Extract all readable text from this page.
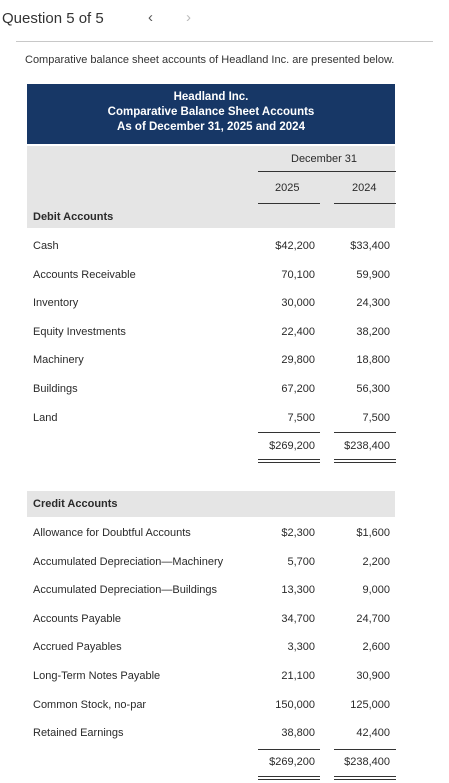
Question 5 of 5	‹ ›
Comparative balance sheet accounts of Headland Inc. are presented below.
Headland Inc.
Comparative Balance Sheet Accounts
As of December 31, 2025 and 2024
December 31
2025	2024
Debit Accounts
Cash	$42,200	$33,400
Accounts Receivable	70,100	59,900
Inventory	30,000	24,300
Equity Investments	22,400	38,200
Machinery	29,800	18,800
Buildings	67,200	56,300
Land	7,500	7,500
$269,200	$238,400
Credit Accounts
Allowance for Doubtful Accounts	$2,300	$1,600
Accumulated Depreciation—Machinery	5,700	2,200
Accumulated Depreciation—Buildings	13,300	9,000
Accounts Payable	34,700	24,700
Accrued Payables	3,300	2,600
Long-Term Notes Payable	21,100	30,900
Common Stock, no-par	150,000	125,000
Retained Earnings	38,800	42,400
$269,200	$238,400
